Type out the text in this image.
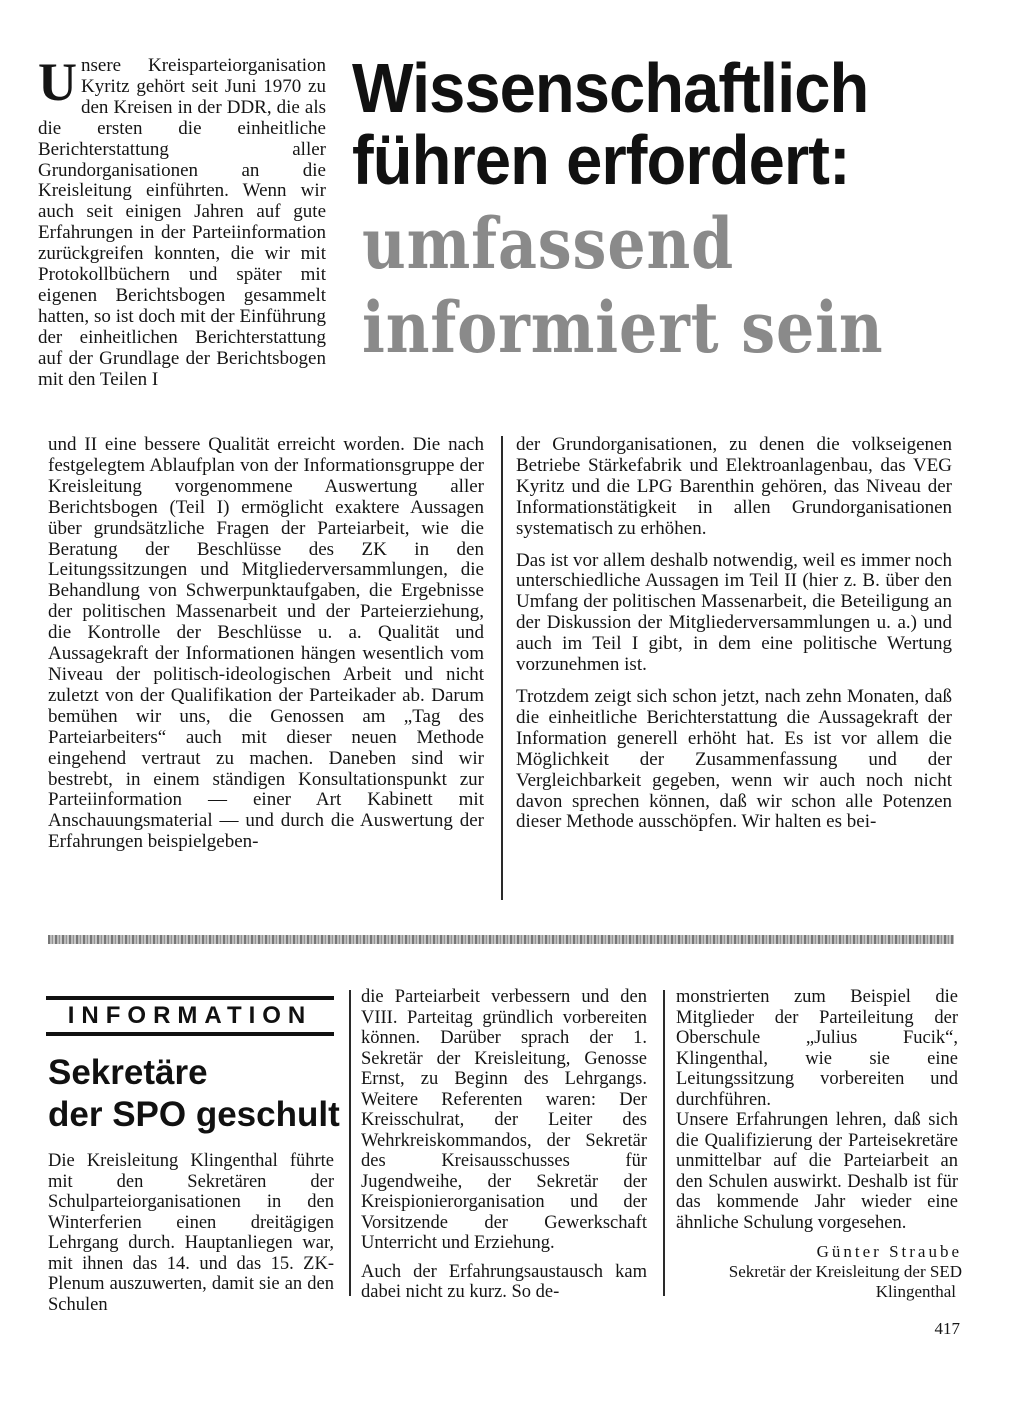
Unsere Kreisparteiorganisation Kyritz gehört seit Juni 1970 zu den Kreisen in der DDR, die als die ersten die einheitliche Berichterstattung aller Grundorganisationen an die Kreisleitung einführten. Wenn wir auch seit einigen Jahren auf gute Erfahrungen in der Parteiinformation zurückgreifen konnten, die wir mit Protokollbüchern und später mit eigenen Berichtsbogen gesammelt hatten, so ist doch mit der Einführung der einheitlichen Berichterstattung auf der Grundlage der Berichtsbogen mit den Teilen I
Wissenschaftlich
führen erfordert:
umfassend
informiert sein

und II eine bessere Qualität erreicht worden. Die nach festgelegtem Ablaufplan von der Informationsgruppe der Kreisleitung vorgenommene Auswertung aller Berichtsbogen (Teil I) ermöglicht exaktere Aussagen über grundsätzliche Fragen der Parteiarbeit, wie die Beratung der Beschlüsse des ZK in den Leitungssitzungen und Mitgliederversammlungen, die Behandlung von Schwerpunktaufgaben, die Ergebnisse der politischen Massenarbeit und der Parteierziehung, die Kontrolle der Beschlüsse u. a. Qualität und Aussagekraft der Informationen hängen wesentlich vom Niveau der politisch-ideologischen Arbeit und nicht zuletzt von der Qualifikation der Parteikader ab. Darum bemühen wir uns, die Genossen am „Tag des Parteiarbeiters“ auch mit dieser neuen Methode eingehend vertraut zu machen. Daneben sind wir bestrebt, in einem ständigen Konsultationspunkt zur Parteiinformation — einer Art Kabinett mit Anschauungsmaterial — und durch die Auswertung der Erfahrungen beispielgeben-

der Grundorganisationen, zu denen die volkseigenen Betriebe Stärkefabrik und Elektroanlagenbau, das VEG Kyritz und die LPG Barenthin gehören, das Niveau der Informationstätigkeit in allen Grundorganisationen systematisch zu erhöhen.

Das ist vor allem deshalb notwendig, weil es immer noch unterschiedliche Aussagen im Teil II (hier z. B. über den Umfang der politischen Massenarbeit, die Beteiligung an der Diskussion der Mitgliederversammlungen u. a.) und auch im Teil I gibt, in dem eine politische Wertung vorzunehmen ist.

Trotzdem zeigt sich schon jetzt, nach zehn Monaten, daß die einheitliche Berichterstattung die Aussagekraft der Information generell erhöht hat. Es ist vor allem die Möglichkeit der Zusammenfassung und der Vergleichbarkeit gegeben, wenn wir auch noch nicht davon sprechen können, daß wir schon alle Potenzen dieser Methode ausschöpfen. Wir halten es bei-

INFORMATION
Sekretäre
der SPO geschult

Die Kreisleitung Klingenthal führte mit den Sekretären der Schulparteiorganisationen in den Winterferien einen dreitägigen Lehrgang durch. Hauptanliegen war, mit ihnen das 14. und das 15. ZK-Plenum auszuwerten, damit sie an den Schulen

die Parteiarbeit verbessern und den VIII. Parteitag gründlich vorbereiten können. Darüber sprach der 1. Sekretär der Kreisleitung, Genosse Ernst, zu Beginn des Lehrgangs. Weitere Referenten waren: Der Kreisschulrat, der Leiter des Wehrkreiskommandos, der Sekretär des Kreisausschusses für Jugendweihe, der Sekretär der Kreispionierorganisation und der Vorsitzende der Gewerkschaft Unterricht und Erziehung.

Auch der Erfahrungsaustausch kam dabei nicht zu kurz. So de-

monstrierten zum Beispiel die Mitglieder der Parteileitung der Oberschule „Julius Fucik“, Klingenthal, wie sie eine Leitungssitzung vorbereiten und durchführen.

Unsere Erfahrungen lehren, daß sich die Qualifizierung der Parteisekretäre unmittelbar auf die Parteiarbeit an den Schulen auswirkt. Deshalb ist für das kommende Jahr wieder eine ähnliche Schulung vorgesehen.

Günter Straube
Sekretär der Kreisleitung der SED
Klingenthal
417
